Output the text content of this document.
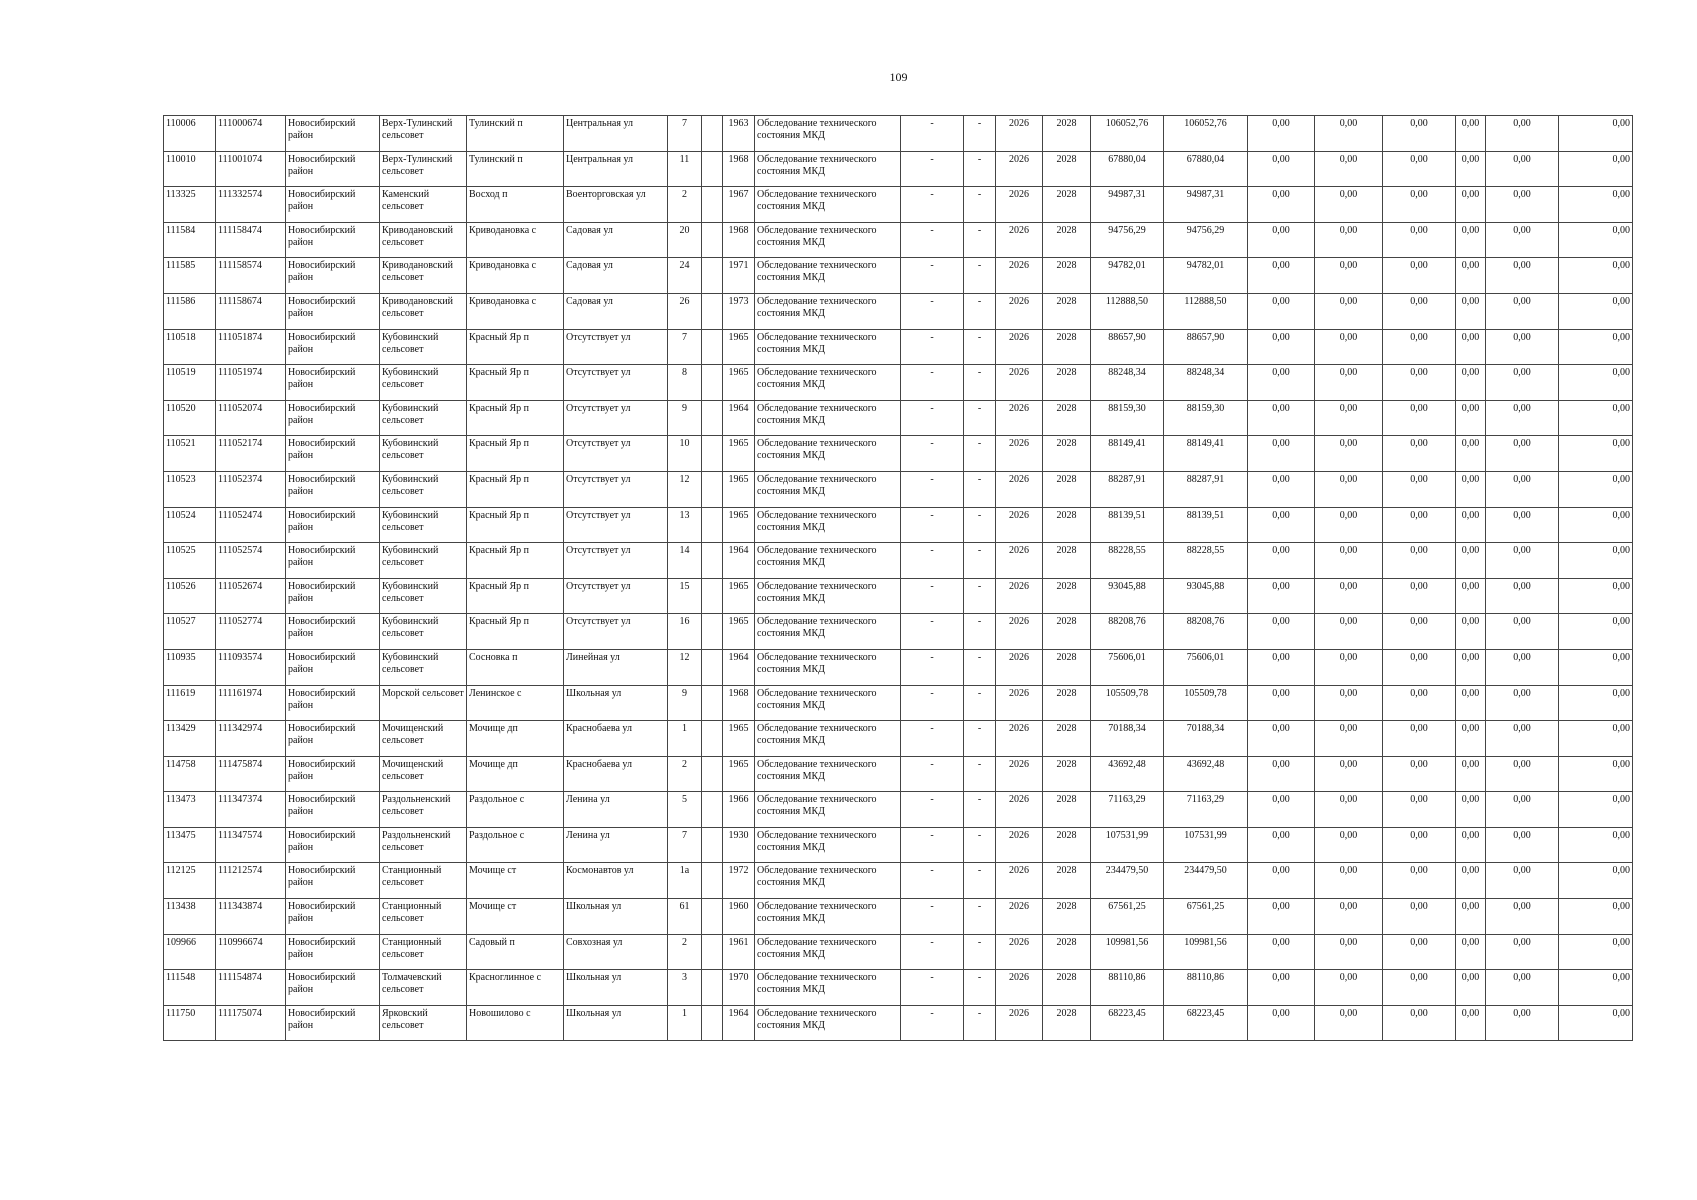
109
110006	111000674	Новосибирский район	Верх-Тулинский сельсовет	Тулинский п	Центральная ул	7		1963	Обследование технического состояния МКД	-	-	2026	2028	106052,76	106052,76	0,00	0,00	0,00	0,00	0,00	0,00
110010	111001074	Новосибирский район	Верх-Тулинский сельсовет	Тулинский п	Центральная ул	11		1968	Обследование технического состояния МКД	-	-	2026	2028	67880,04	67880,04	0,00	0,00	0,00	0,00	0,00	0,00
113325	111332574	Новосибирский район	Каменский сельсовет	Восход п	Военторговская ул	2		1967	Обследование технического состояния МКД	-	-	2026	2028	94987,31	94987,31	0,00	0,00	0,00	0,00	0,00	0,00
111584	111158474	Новосибирский район	Криводановский сельсовет	Криводановка с	Садовая ул	20		1968	Обследование технического состояния МКД	-	-	2026	2028	94756,29	94756,29	0,00	0,00	0,00	0,00	0,00	0,00
111585	111158574	Новосибирский район	Криводановский сельсовет	Криводановка с	Садовая ул	24		1971	Обследование технического состояния МКД	-	-	2026	2028	94782,01	94782,01	0,00	0,00	0,00	0,00	0,00	0,00
111586	111158674	Новосибирский район	Криводановский сельсовет	Криводановка с	Садовая ул	26		1973	Обследование технического состояния МКД	-	-	2026	2028	112888,50	112888,50	0,00	0,00	0,00	0,00	0,00	0,00
110518	111051874	Новосибирский район	Кубовинский сельсовет	Красный Яр п	Отсутствует ул	7		1965	Обследование технического состояния МКД	-	-	2026	2028	88657,90	88657,90	0,00	0,00	0,00	0,00	0,00	0,00
110519	111051974	Новосибирский район	Кубовинский сельсовет	Красный Яр п	Отсутствует ул	8		1965	Обследование технического состояния МКД	-	-	2026	2028	88248,34	88248,34	0,00	0,00	0,00	0,00	0,00	0,00
110520	111052074	Новосибирский район	Кубовинский сельсовет	Красный Яр п	Отсутствует ул	9		1964	Обследование технического состояния МКД	-	-	2026	2028	88159,30	88159,30	0,00	0,00	0,00	0,00	0,00	0,00
110521	111052174	Новосибирский район	Кубовинский сельсовет	Красный Яр п	Отсутствует ул	10		1965	Обследование технического состояния МКД	-	-	2026	2028	88149,41	88149,41	0,00	0,00	0,00	0,00	0,00	0,00
110523	111052374	Новосибирский район	Кубовинский сельсовет	Красный Яр п	Отсутствует ул	12		1965	Обследование технического состояния МКД	-	-	2026	2028	88287,91	88287,91	0,00	0,00	0,00	0,00	0,00	0,00
110524	111052474	Новосибирский район	Кубовинский сельсовет	Красный Яр п	Отсутствует ул	13		1965	Обследование технического состояния МКД	-	-	2026	2028	88139,51	88139,51	0,00	0,00	0,00	0,00	0,00	0,00
110525	111052574	Новосибирский район	Кубовинский сельсовет	Красный Яр п	Отсутствует ул	14		1964	Обследование технического состояния МКД	-	-	2026	2028	88228,55	88228,55	0,00	0,00	0,00	0,00	0,00	0,00
110526	111052674	Новосибирский район	Кубовинский сельсовет	Красный Яр п	Отсутствует ул	15		1965	Обследование технического состояния МКД	-	-	2026	2028	93045,88	93045,88	0,00	0,00	0,00	0,00	0,00	0,00
110527	111052774	Новосибирский район	Кубовинский сельсовет	Красный Яр п	Отсутствует ул	16		1965	Обследование технического состояния МКД	-	-	2026	2028	88208,76	88208,76	0,00	0,00	0,00	0,00	0,00	0,00
110935	111093574	Новосибирский район	Кубовинский сельсовет	Сосновка п	Линейная ул	12		1964	Обследование технического состояния МКД	-	-	2026	2028	75606,01	75606,01	0,00	0,00	0,00	0,00	0,00	0,00
111619	111161974	Новосибирский район	Морской сельсовет	Ленинское с	Школьная ул	9		1968	Обследование технического состояния МКД	-	-	2026	2028	105509,78	105509,78	0,00	0,00	0,00	0,00	0,00	0,00
113429	111342974	Новосибирский район	Мочищенский сельсовет	Мочище дп	Краснобаева ул	1		1965	Обследование технического состояния МКД	-	-	2026	2028	70188,34	70188,34	0,00	0,00	0,00	0,00	0,00	0,00
114758	111475874	Новосибирский район	Мочищенский сельсовет	Мочище дп	Краснобаева ул	2		1965	Обследование технического состояния МКД	-	-	2026	2028	43692,48	43692,48	0,00	0,00	0,00	0,00	0,00	0,00
113473	111347374	Новосибирский район	Раздольненский сельсовет	Раздольное с	Ленина ул	5		1966	Обследование технического состояния МКД	-	-	2026	2028	71163,29	71163,29	0,00	0,00	0,00	0,00	0,00	0,00
113475	111347574	Новосибирский район	Раздольненский сельсовет	Раздольное с	Ленина ул	7		1930	Обследование технического состояния МКД	-	-	2026	2028	107531,99	107531,99	0,00	0,00	0,00	0,00	0,00	0,00
112125	111212574	Новосибирский район	Станционный сельсовет	Мочище ст	Космонавтов ул	1а		1972	Обследование технического состояния МКД	-	-	2026	2028	234479,50	234479,50	0,00	0,00	0,00	0,00	0,00	0,00
113438	111343874	Новосибирский район	Станционный сельсовет	Мочище ст	Школьная ул	61		1960	Обследование технического состояния МКД	-	-	2026	2028	67561,25	67561,25	0,00	0,00	0,00	0,00	0,00	0,00
109966	110996674	Новосибирский район	Станционный сельсовет	Садовый п	Совхозная ул	2		1961	Обследование технического состояния МКД	-	-	2026	2028	109981,56	109981,56	0,00	0,00	0,00	0,00	0,00	0,00
111548	111154874	Новосибирский район	Толмачевский сельсовет	Красноглинное с	Школьная ул	3		1970	Обследование технического состояния МКД	-	-	2026	2028	88110,86	88110,86	0,00	0,00	0,00	0,00	0,00	0,00
111750	111175074	Новосибирский район	Ярковский сельсовет	Новошилово с	Школьная ул	1		1964	Обследование технического состояния МКД	-	-	2026	2028	68223,45	68223,45	0,00	0,00	0,00	0,00	0,00	0,00
